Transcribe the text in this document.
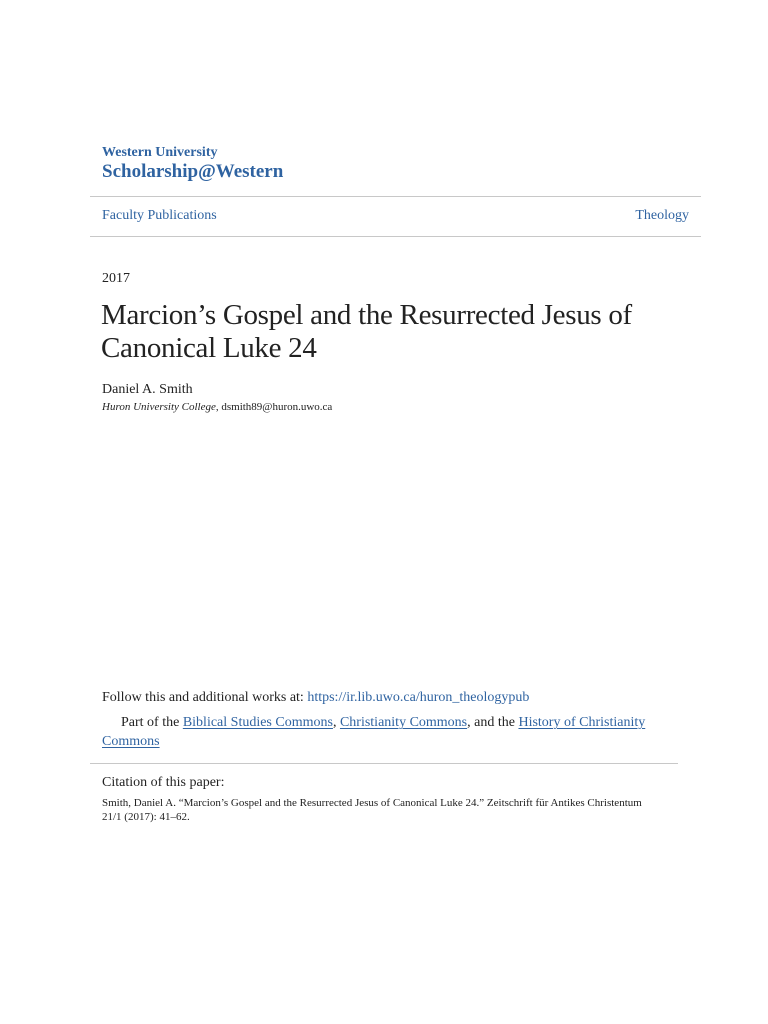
Western University
Scholarship@Western
Faculty Publications	Theology
2017
Marcion’s Gospel and the Resurrected Jesus of Canonical Luke 24
Daniel A. Smith
Huron University College, dsmith89@huron.uwo.ca
Follow this and additional works at: https://ir.lib.uwo.ca/huron_theologypub
Part of the Biblical Studies Commons, Christianity Commons, and the History of Christianity Commons
Citation of this paper:
Smith, Daniel A. “Marcion’s Gospel and the Resurrected Jesus of Canonical Luke 24.” Zeitschrift für Antikes Christentum 21/1 (2017): 41–62.
